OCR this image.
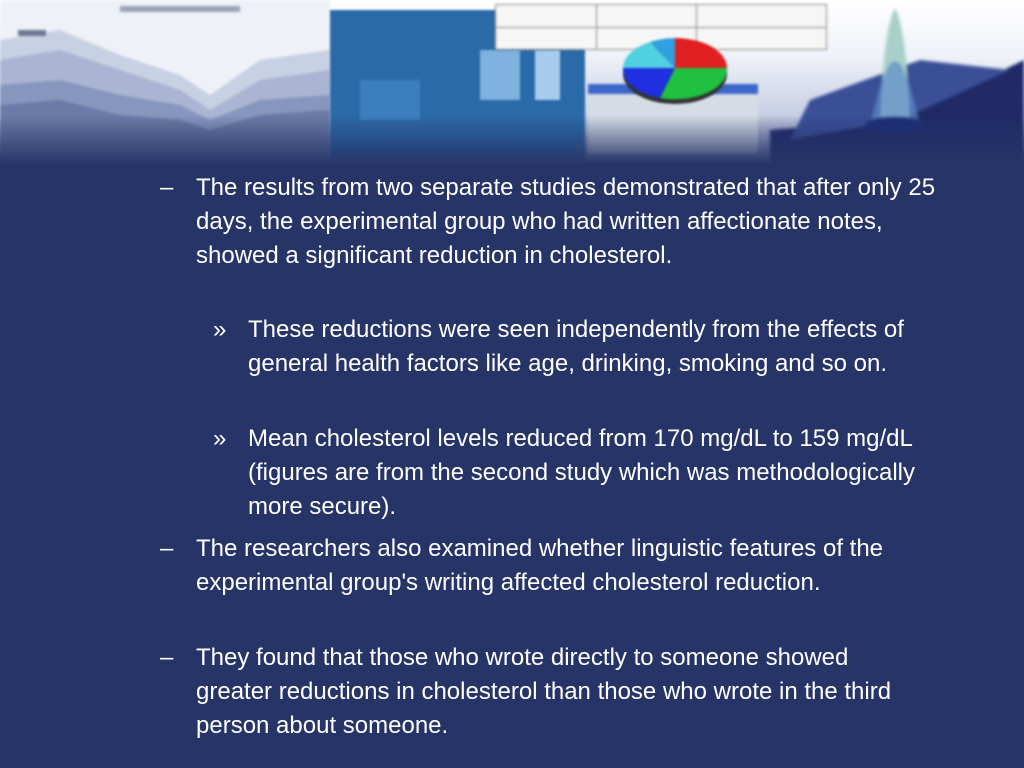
– The results from two separate studies demonstrated that after only 25 days, the experimental group who had written affectionate notes, showed a significant reduction in cholesterol.
» These reductions were seen independently from the effects of general health factors like age, drinking, smoking and so on.
» Mean cholesterol levels reduced from 170 mg/dL to 159 mg/dL (figures are from the second study which was methodologically more secure).
– The researchers also examined whether linguistic features of the experimental group's writing affected cholesterol reduction.
– They found that those who wrote directly to someone showed greater reductions in cholesterol than those who wrote in the third person about someone.
